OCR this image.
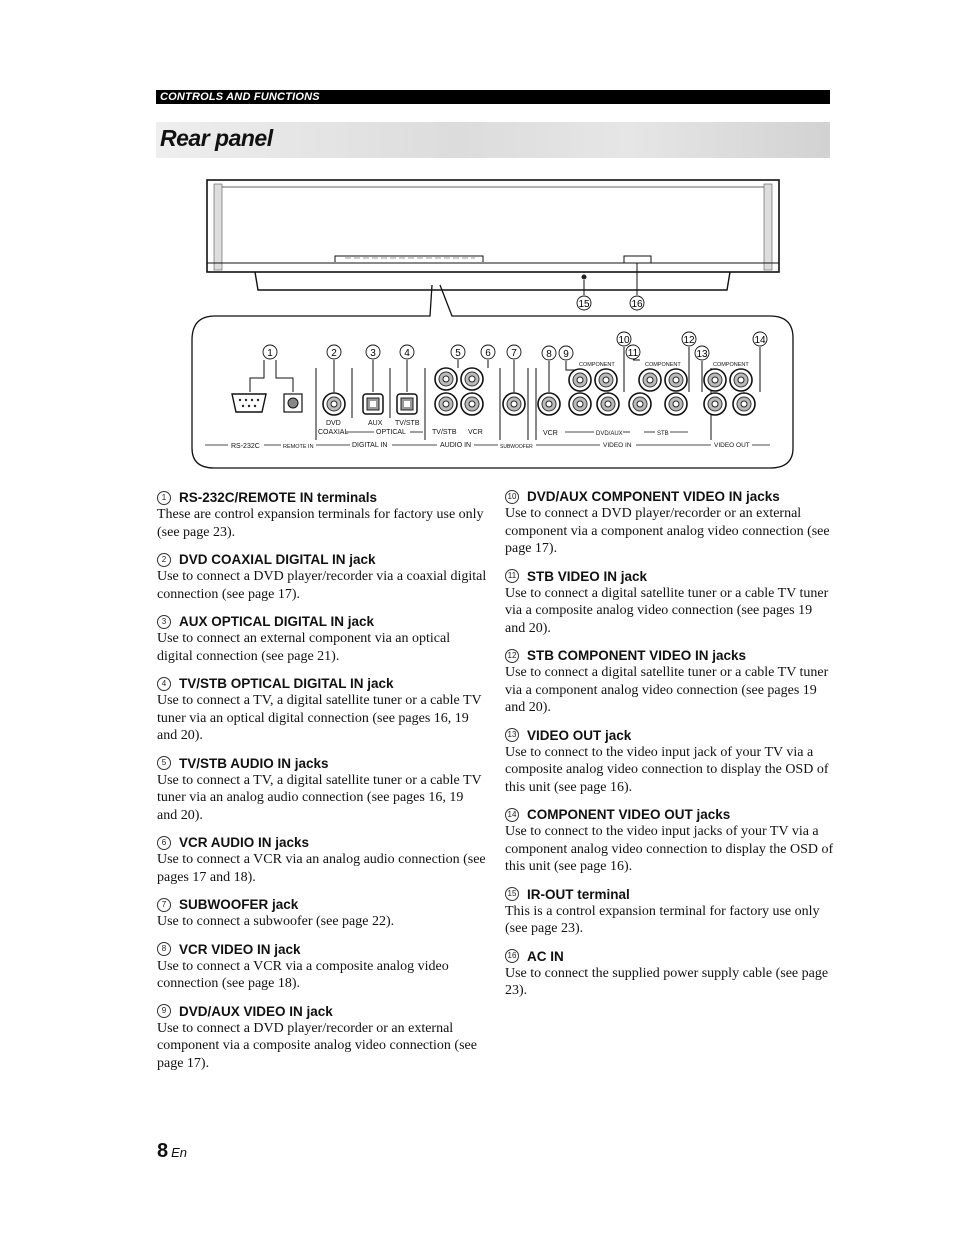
CONTROLS AND FUNCTIONS
Rear panel
15	16
1	2	3	4	5 6 7	8 9
10
11
12
13
14
DVD
COAXIAL
AUX TV/STB
OPTICAL
DIGITAL IN
TV/STB VCR
AUDIO IN
RS-232C	REMOTE IN	SUBWOOFER
VCR	DVD/AUX	STB
VIDEO IN	VIDEO OUT
COMPONENT	COMPONENT	COMPONENT
1 RS-232C/REMOTE IN terminals

These are control expansion terminals for factory use only (see page 23).

2 DVD COAXIAL DIGITAL IN jack

Use to connect a DVD player/recorder via a coaxial digital connection (see page 17).

3 AUX OPTICAL DIGITAL IN jack

Use to connect an external component via an optical digital connection (see page 21).

4 TV/STB OPTICAL DIGITAL IN jack

Use to connect a TV, a digital satellite tuner or a cable TV tuner via an optical digital connection (see pages 16, 19 and 20).

5 TV/STB AUDIO IN jacks

Use to connect a TV, a digital satellite tuner or a cable TV tuner via an analog audio connection (see pages 16, 19 and 20).

6 VCR AUDIO IN jacks

Use to connect a VCR via an analog audio connection (see pages 17 and 18).

7 SUBWOOFER jack

Use to connect a subwoofer (see page 22).

8 VCR VIDEO IN jack

Use to connect a VCR via a composite analog video connection (see page 18).

9 DVD/AUX VIDEO IN jack

Use to connect a DVD player/recorder or an external component via a composite analog video connection (see page 17).

10 DVD/AUX COMPONENT VIDEO IN jacks

Use to connect a DVD player/recorder or an external component via a component analog video connection (see page 17).

11 STB VIDEO IN jack

Use to connect a digital satellite tuner or a cable TV tuner via a composite analog video connection (see pages 19 and 20).

12 STB COMPONENT VIDEO IN jacks

Use to connect a digital satellite tuner or a cable TV tuner via a component analog video connection (see pages 19 and 20).

13 VIDEO OUT jack

Use to connect to the video input jack of your TV via a composite analog video connection to display the OSD of this unit (see page 16).

14 COMPONENT VIDEO OUT jacks

Use to connect to the video input jacks of your TV via a component analog video connection to display the OSD of this unit (see page 16).

15 IR-OUT terminal

This is a control expansion terminal for factory use only (see page 23).

16 AC IN

Use to connect the supplied power supply cable (see page 23).

8 En
